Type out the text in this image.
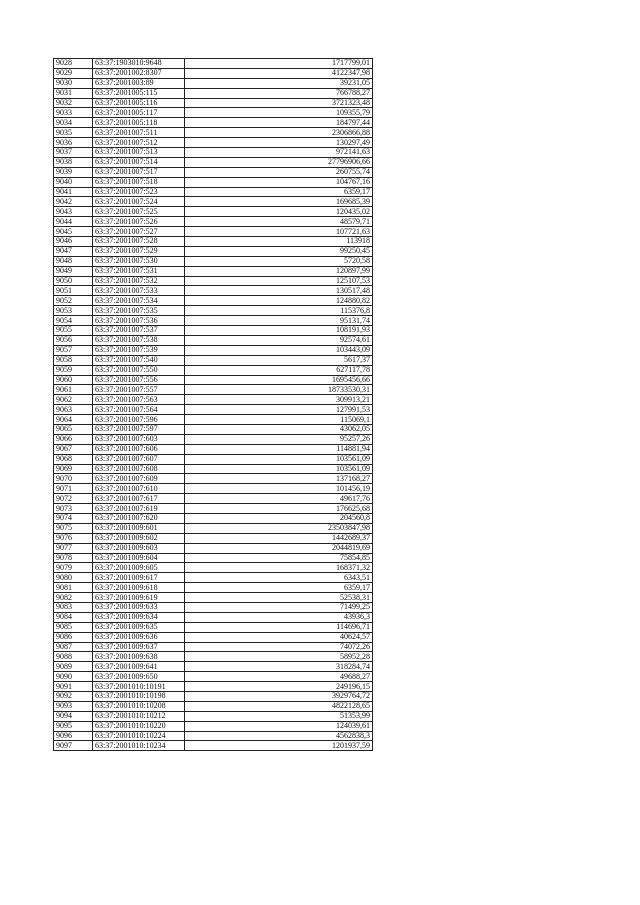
9028	63:37:1903010:9648	1717799,01
9029	63:37:2001002:8307	4122347,98
9030	63:37:2001003:89	39231,05
9031	63:37:2001005:115	766788,27
9032	63:37:2001005:116	3721323,48
9033	63:37:2001005:117	109355,79
9034	63:37:2001005:118	184797,44
9035	63:37:2001007:511	2306866,88
9036	63:37:2001007:512	130297,49
9037	63:37:2001007:513	972141,63
9038	63:37:2001007:514	27796906,66
9039	63:37:2001007:517	260755,74
9040	63:37:2001007:518	104767,16
9041	63:37:2001007:523	6359,17
9042	63:37:2001007:524	169685,39
9043	63:37:2001007:525	120435,02
9044	63:37:2001007:526	48579,71
9045	63:37:2001007:527	107721,63
9046	63:37:2001007:528	113918
9047	63:37:2001007:529	99250,45
9048	63:37:2001007:530	5720,58
9049	63:37:2001007:531	120897,99
9050	63:37:2001007:532	125107,53
9051	63:37:2001007:533	130517,48
9052	63:37:2001007:534	124880,82
9053	63:37:2001007:535	115376,8
9054	63:37:2001007:536	95131,74
9055	63:37:2001007:537	108191,93
9056	63:37:2001007:538	92574,61
9057	63:37:2001007:539	103443,09
9058	63:37:2001007:540	5617,37
9059	63:37:2001007:550	627117,78
9060	63:37:2001007:556	1695456,66
9061	63:37:2001007:557	18733530,31
9062	63:37:2001007:563	309913,21
9063	63:37:2001007:564	127991,53
9064	63:37:2001007:596	115069,1
9065	63:37:2001007:597	43062,05
9066	63:37:2001007:603	95257,26
9067	63:37:2001007:606	114881,94
9068	63:37:2001007:607	103561,09
9069	63:37:2001007:608	103561,09
9070	63:37:2001007:609	137168,27
9071	63:37:2001007:610	101456,19
9072	63:37:2001007:617	49617,76
9073	63:37:2001007:619	176625,68
9074	63:37:2001007:620	204560,8
9075	63:37:2001009:601	23503847,98
9076	63:37:2001009:602	1442689,37
9077	63:37:2001009:603	2044819,69
9078	63:37:2001009:604	75854,85
9079	63:37:2001009:605	168371,32
9080	63:37:2001009:617	6343,51
9081	63:37:2001009:618	6359,17
9082	63:37:2001009:619	52538,31
9083	63:37:2001009:633	71499,25
9084	63:37:2001009:634	43936,3
9085	63:37:2001009:635	114696,71
9086	63:37:2001009:636	40624,57
9087	63:37:2001009:637	74072,26
9088	63:37:2001009:638	58952,28
9089	63:37:2001009:641	318284,74
9090	63:37:2001009:650	49688,27
9091	63:37:2001010:10191	249196,15
9092	63:37:2001010:10198	3929764,72
9093	63:37:2001010:10208	4822128,65
9094	63:37:2001010:10212	51353,99
9095	63:37:2001010:10220	124039,61
9096	63:37:2001010:10224	4562838,3
9097	63:37:2001010:10234	1201937,59
